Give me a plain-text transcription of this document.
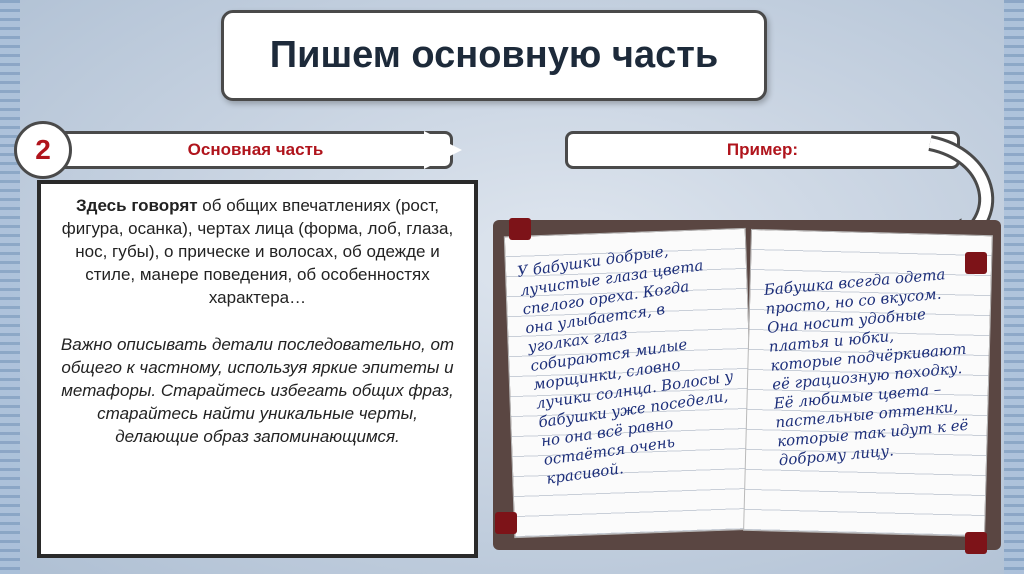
Пишем основную часть
2	Основная часть

Здесь говорят об общих впечатлениях (рост, фигура, осанка), чертах лица (форма, лоб, глаза, нос, губы), о прическе и волосах, об одежде и стиле, манере поведения, об особенностях характера…

Важно описывать детали последовательно, от общего к частному, используя яркие эпитеты и метафоры. Старайтесь избегать общих фраз, старайтесь найти уникальные черты, делающие образ запоминающимся.

Пример:
У бабушки добрые, лучистые глаза цвета спелого ореха. Когда она улыбается, в уголках глаз собираются милые морщинки, словно лучики солнца. Волосы у бабушки уже поседели, но она всё равно остаётся очень красивой.
Бабушка всегда одета просто, но со вкусом. Она носит удобные платья и юбки, которые подчёркивают её грациозную походку. Её любимые цвета – пастельные оттенки, которые так идут к её доброму лицу.
